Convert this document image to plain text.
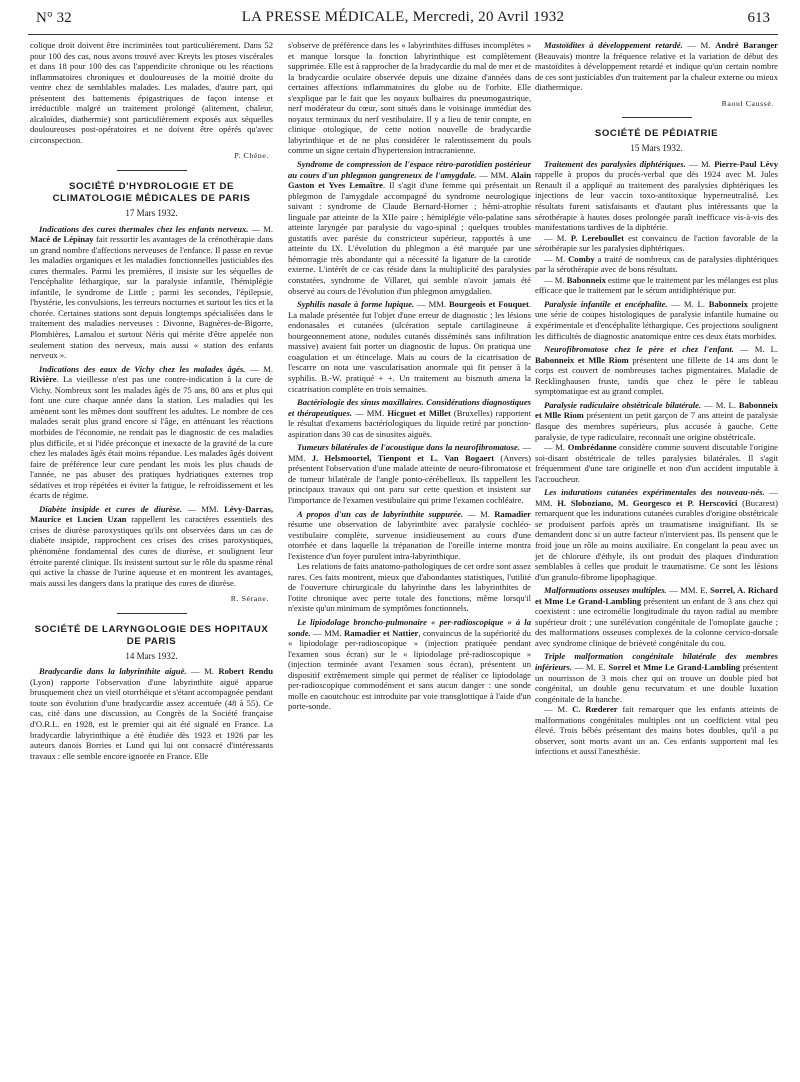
N° 32	LA PRESSE MÉDICALE, Mercredi, 20 Avril 1932	613

colique droit doivent être incriminées tout particulièrement. Dans 52 pour 100 des cas, nous avons trouvé avec Kreyts les ptoses viscérales et dans 18 pour 100 des cas l'appendicite chronique ou les réactions inflammatoires chroniques et douloureuses de la moitié droite du ventre chez de semblables malades. Les malades, d'autre part, qui présentent des battements épigastriques de façon intense et irréductible malgré un traitement prolongé (alitement, chaleur, alcaloïdes, diathermie) sont particulièrement exposés aux séquelles douloureuses post-opératoires et ne doivent être opérés qu'avec circonspection.

P. Chêne.
SOCIÉTÉ D'HYDROLOGIE ET DE CLIMATOLOGIE MÉDICALES DE PARIS
17 Mars 1932.

Indications des cures thermales chez les enfants nerveux. — M. Macé de Lépinay fait ressortir les avantages de la crénothérapie dans un grand nombre d'affections nerveuses de l'enfance. Il passe en revue les maladies organiques et les maladies fonctionnelles justiciables des cures thermales. Parmi les premières, il insiste sur les séquelles de l'encéphalite léthargique, sur la paralysie infantile, l'hémiplégie infantile, le syndrome de Little ; parmi les secondes, l'épilepsie, l'hystérie, les convulsions, les terreurs nocturnes et surtout les tics et la chorée. Certaines stations sont depuis longtemps spécialisées dans le traitement des maladies nerveuses : Divonne, Bagnères-de-Bigorre, Plombières, Lamalou et surtout Néris qui mérite d'être appelée non seulement station des nerveux, mais aussi « station des enfants nerveux ».

Indications des eaux de Vichy chez les malades âgés. — M. Rivière. La vieillesse n'est pas une contre-indication à la cure de Vichy. Nombreux sont les malades âgés de 75 ans, 80 ans et plus qui font une cure chaque année dans la station. Les maladies qui les amènent sont les mêmes dont souffrent les adultes. Le nombre de ces malades serait plus grand encore si l'âge, en atténuant les réactions morbides de l'économie, ne rendait pas le diagnostic de ces maladies plus difficile, et si l'idée préconçue et inexacte de la gravité de la cure chez les malades âgés était moins répandue. Les malades âgés doivent faire de préférence leur cure pendant les mois les plus chauds de l'année, ne pas abuser des pratiques hydriatiques externes trop sédatives et trop répétées et éviter la fatigue, le refroidissement et les écarts de régime.

Diabète insipide et cures de diurèse. — MM. Lévy-Darras, Maurice et Lucien Uzan rappellent les caractères essentiels des crises de diurèse paroxystiques qu'ils ont observées dans un cas de diabète insipide, rapprochent ces crises des crises paroxystiques, phénomène fondamental des cures de diurèse, et soulignent leur étroite parenté clinique. Ils insistent surtout sur le rôle du spasme rénal qui active la chasse de l'urine aqueuse et en montrent les avantages, mais aussi les dangers dans la pratique des cures de diurèse.

R. Sérane.
SOCIÉTÉ DE LARYNGOLOGIE DES HOPITAUX DE PARIS
14 Mars 1932.

Bradycardie dans la labyrinthite aiguë. — M. Robert Rendu (Lyon) rapporte l'observation d'une labyrinthite aiguë apparue brusquement chez un vieil otorrhéique et s'étant accompagnée pendant toute son évolution d'une bradycardie assez accentuée (48 à 55). Ce cas, cité dans une discussion, au Congrès de la Société française d'O.R.L. en 1928, est le premier qui ait été signalé en France. La bradycardie labyrinthique a été étudiée dès 1923 et 1926 par les auteurs danois Borries et Lund qui lui ont consacré d'intéressants travaux : elle semble encore ignorée en France. Elle

s'observe de préférence dans les « labyrinthites diffuses incomplètes » et manque lorsque la fonction labyrinthique est complètement supprimée. Elle est à rapprocher de la bradycardie du mal de mer et de la bradycardie oculaire observée depuis une dizaine d'années dans certaines affections inflammatoires du globe ou de l'orbite. Elle s'explique par le fait que les noyaux bulbaires du pneumogastrique, nerf modérateur du cœur, sont situés dans le voisinage immédiat des noyaux terminaux du nerf vestibulaire. Il y a lieu de tenir compte, en clinique otologique, de cette notion nouvelle de bradycardie labyrinthique et de ne plus considérer le ralentissement du pouls comme un signe certain d'hypertension intracranienne.

Syndrome de compression de l'espace rétro-parotidien postérieur au cours d'un phlegmon gangreneux de l'amygdale. — MM. Alain Gaston et Yves Lemaître. Il s'agit d'une femme qui présentait un phlegmon de l'amygdale accompagné du syndrome neurologique suivant : syndrome de Claude Bernard-Horner ; hémi-atrophie linguale par atteinte de la XIIe paire ; hémiplégie vélo-palatine sans atteinte laryngée par paralysie du vago-spinal ; quelques troubles gustatifs avec parésie du constricteur supérieur, rapportés à une atteinte du IX. L'évolution du phlegmon a été marquée par une hémorragie très abondante qui a nécessité la ligature de la carotide externe. L'intérêt de ce cas réside dans la multiplicité des paralysies constatées, syndrome de Villaret, qui semble n'avoir jamais été observé au cours de l'évolution d'un phlegmon amygdalien.

Syphilis nasale à forme lupique. — MM. Bourgeois et Fouquet. La malade présentée fut l'objet d'une erreur de diagnostic ; les lésions endonasales et cutanées (ulcération septale cartilagineuse à bourgeonnement atone, nodules cutanés disséminés sans infiltration massive) avaient fait porter un diagnostic de lupus. On pratiqua une coagulation et un étincelage. Mais au cours de la cicatrisation de l'escarre on nota une vascularisation anormale qui fit penser à la syphilis. B.-W. pratiqué + +. Un traitement au bismuth amena la cicatrisation complète en trois semaines.

Bactériologie des sinus maxillaires. Considérations diagnostiques et thérapeutiques. — MM. Hicguet et Millet (Bruxelles) rapportent le résultat d'examens bactériologiques du liquide retiré par ponction-aspiration dans 30 cas de sinusites aiguës.

Tumeurs bilatérales de l'acoustique dans la neurofibromatose. — MM. J. Helsmoortel, Tienpont et L. Van Bogaert (Anvers) présentent l'observation d'une malade atteinte de neuro-fibromatose et de tumeur bilatérale de l'angle ponto-cérébelleux. Ils rappellent les principaux travaux qui ont paru sur cette question et insistent sur l'importance de l'examen vestibulaire qui prime l'examen cochléaire.

A propos d'un cas de labyrinthite suppurée. — M. Ramadier résume une observation de labyrinthite avec paralysie cochléo-vestibulaire complète, survenue insidieusement au cours d'une otorrhée et dans laquelle la trépanation de l'oreille interne montra l'existence d'un foyer purulent intra-labyrinthique.

Les relations de faits anatomo-pathologiques de cet ordre sont assez rares. Ces faits montrent, mieux que d'abondantes statistiques, l'utilité de l'ouverture chirurgicale du labyrinthe dans les labyrinthites de l'otite chronique avec perte totale des fonctions, même lorsqu'il n'existe qu'un minimum de symptômes fonctionnels.

Le lipiodolage broncho-pulmonaire « per-radioscopique » à la sonde. — MM. Ramadier et Nattier, convaincus de la supériorité du « lipiodolage per-radioscopique » (injection pratiquée pendant l'examen sous écran) sur le « lipiodolage pré-radioscopique » (injection terminée avant l'examen sous écran), présentent un dispositif extrêmement simple qui permet de réaliser ce lipiodolage per-radioscopique commodément et sans aucun danger : une sonde molle en caoutchouc est introduite par voie transglottique à l'aide d'un porte-sonde.

Mastoïdites à développement retardé. — M. André Baranger (Beauvais) montre la fréquence relative et la variation de début des mastoïdites à développement retardé et indique qu'un certain nombre de ces sont justiciables d'un traitement par la chaleur externe ou mieux diathermique.

Raoul Caussé.
SOCIÉTÉ DE PÉDIATRIE
15 Mars 1932.

Traitement des paralysies diphtériques. — M. Pierre-Paul Lévy rappelle à propos du procès-verbal que dès 1924 avec M. Jules Renault il a appliqué au traitement des paralysies diphtériques les injections de leur vaccin toxo-antitoxique hyperneutralisé. Les résultats furent satisfaisants et d'autant plus intéressants que la sérothérapie à hautes doses prolongée paraît inefficace vis-à-vis des manifestations tardives de la diphtérie.

— M. P. Lereboullet est convaincu de l'action favorable de la sérothérapie sur les paralysies diphtériques.

— M. Comby a traité de nombreux cas de paralysies diphtériques par la sérothérapie avec de bons résultats.

— M. Babonneix estime que le traitement par les mélanges est plus efficace que le traitement par le sérum antidiphtérique pur.

Paralysie infantile et encéphalite. — M. L. Babonneix projette une série de coupes histologiques de paralysie infantile humaine ou expérimentale et d'encéphalite léthargique. Ces projections soulignent les difficultés de diagnostic anatomique entre ces deux états morbides.

Neurofibromatose chez le père et chez l'enfant. — M. L. Babonneix et Mlle Riom présentent une fillette de 14 ans dont le corps est couvert de nombreuses taches pigmentaires. Maladie de Recklinghausen fruste, tandis que chez le père le tableau symptomatique est au grand complet.

Paralysie radiculaire obstétricale bilatérale. — M. L. Babonneix et Mlle Riom présentent un petit garçon de 7 ans atteint de paralysie flasque des membres supérieurs, plus accusée à gauche. Cette paralysie, de type radiculaire, reconnaît une origine obstétricale.

— M. Ombrédanne considère comme souvent discutable l'origine soi-disant obstétricale de telles paralysies bilatérales. Il s'agit fréquemment d'une tare originelle et non d'un accident imputable à l'accoucheur.

Les indurations cutanées expérimentales des nouveau-nés. — MM. H. Sloboziano, M. Georgesco et P. Herscovici (Bucarest) remarquent que les indurations cutanées curables d'origine obstétricale se produisent parfois après un traumatisme insignifiant. Ils se demandent donc si un autre facteur n'intervient pas. Ils pensent que le froid joue un rôle au moins auxiliaire. En congelant la peau avec un jet de chlorure d'éthyle, ils ont produit des plaques d'induration semblables à celles que produit le traumatisme. Ce sont les lésions d'un granulo-fibrome lipophagique.

Malformations osseuses multiples. — MM. E. Sorrel, A. Richard et Mme Le Grand-Lambling présentent un enfant de 3 ans chez qui coexistent : une ectromélie longitudinale du rayon radial au membre supérieur droit ; une surélévation congénitale de l'omoplate gauche ; des malformations osseuses complexes de la colonne cervico-dorsale avec syndrome clinique de brièveté congénitale du cou.

Triple malformation congénitale bilatérale des membres inférieurs. — M. E. Sorrel et Mme Le Grand-Lambling présentent un nourrisson de 3 mois chez qui on trouve un double pied bot congénital, un double genu recurvatum et une double luxation congénitale de la hanche.

— M. C. Rœderer fait remarquer que les enfants atteints de malformations congénitales multiples ont un coefficient vital peu élevé. Trois bébés présentant des mains botes doubles, qu'il a pu observer, sont morts avant un an. Ces enfants supportent mal les infections et aussi l'anesthésie.
